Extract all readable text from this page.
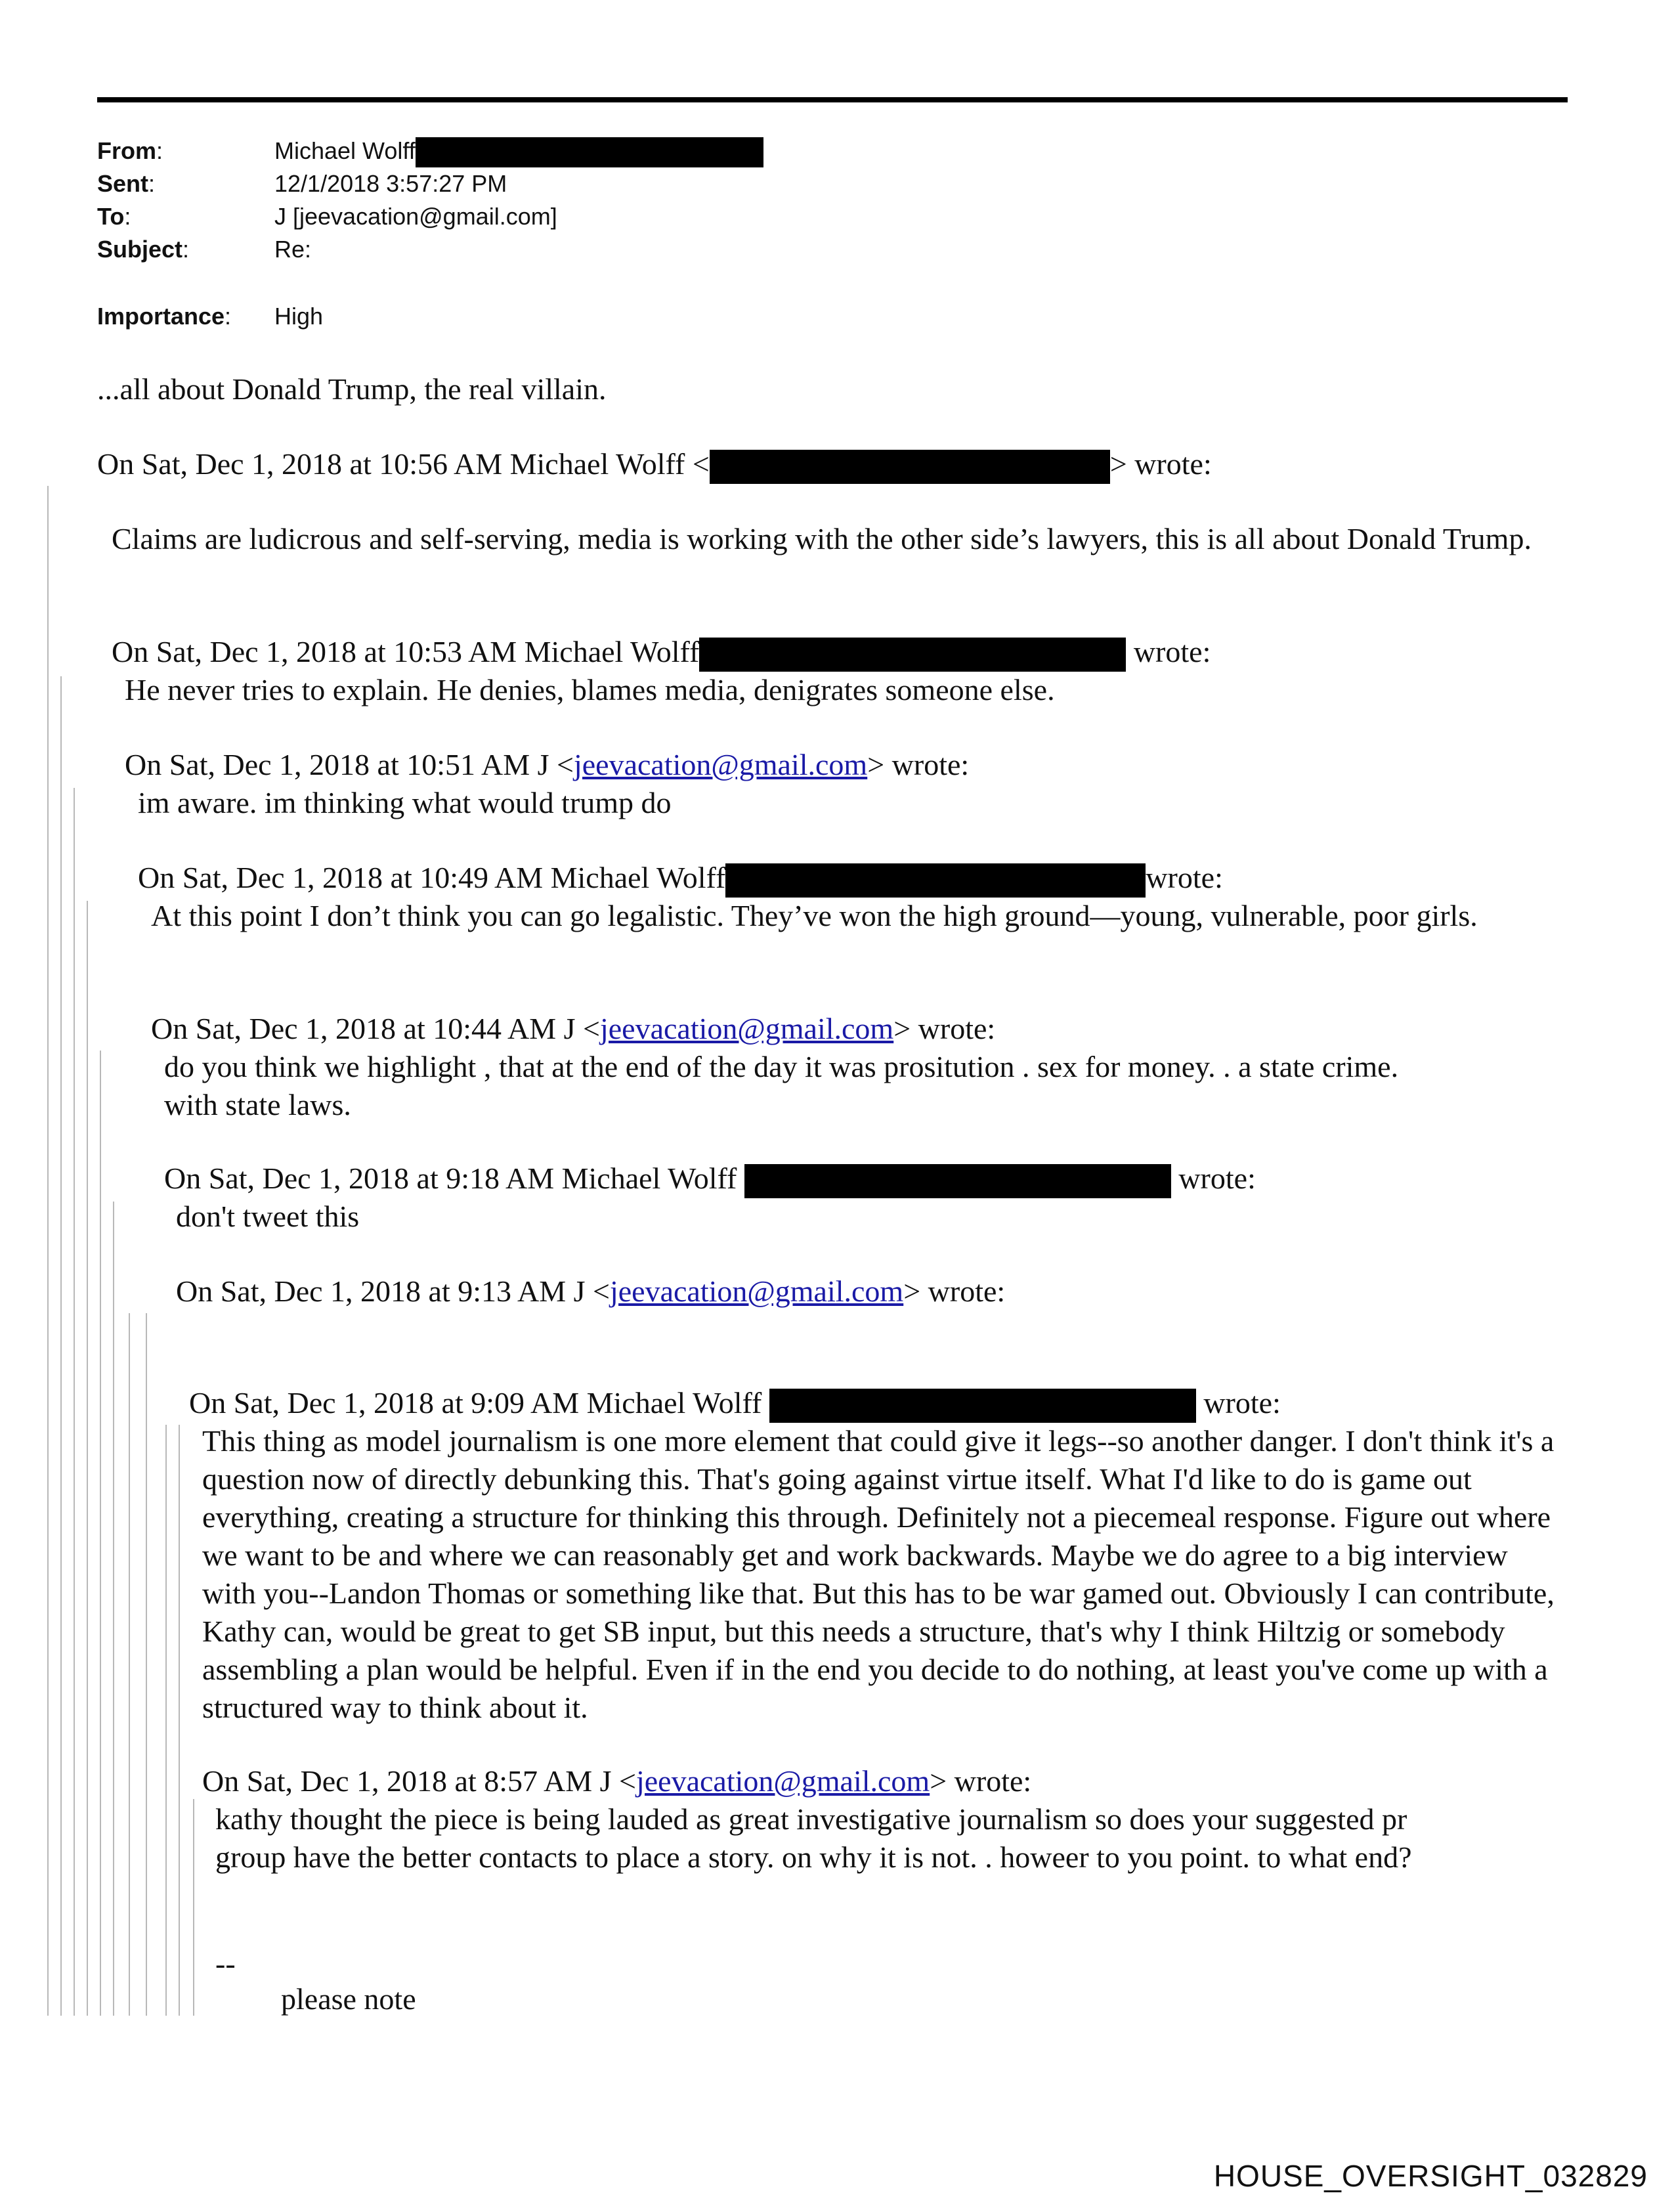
From:	Michael Wolff
Sent:	12/1/2018 3:57:27 PM
To:	J [jeevacation@gmail.com]
Subject:	Re:
Importance: High
...all about Donald Trump, the real villain.
On Sat, Dec 1, 2018 at 10:56 AM Michael Wolff <	> wrote:
Claims are ludicrous and self-serving, media is working with the other side’s lawyers, this is all about Donald Trump.
On Sat, Dec 1, 2018 at 10:53 AM Michael Wolff	wrote:
He never tries to explain. He denies, blames media, denigrates someone else.
On Sat, Dec 1, 2018 at 10:51 AM J <jeevacation@gmail.com> wrote:
im aware. im thinking what would trump do
On Sat, Dec 1, 2018 at 10:49 AM Michael Wolff	wrote:
At this point I don’t think you can go legalistic. They’ve won the high ground—young, vulnerable, poor girls.
On Sat, Dec 1, 2018 at 10:44 AM J <jeevacation@gmail.com> wrote:
do you think we highlight , that at the end of the day it was prositution . sex for money. . a state crime.
with state laws.
On Sat, Dec 1, 2018 at 9:18 AM Michael Wolff	wrote:
don't tweet this
On Sat, Dec 1, 2018 at 9:13 AM J <jeevacation@gmail.com> wrote:
On Sat, Dec 1, 2018 at 9:09 AM Michael Wolff	wrote:
This thing as model journalism is one more element that could give it legs--so another danger. I don't think it's a question now of directly debunking this. That's going against virtue itself. What I'd like to do is game out everything, creating a structure for thinking this through. Definitely not a piecemeal response. Figure out where we want to be and where we can reasonably get and work backwards. Maybe we do agree to a big interview with you--Landon Thomas or something like that. But this has to be war gamed out. Obviously I can contribute, Kathy can, would be great to get SB input, but this needs a structure, that's why I think Hiltzig or somebody assembling a plan would be helpful. Even if in the end you decide to do nothing, at least you've come up with a structured way to think about it.
On Sat, Dec 1, 2018 at 8:57 AM J <jeevacation@gmail.com> wrote:
kathy thought the piece is being lauded as great investigative journalism so does your suggested pr
group have the better contacts to place a story. on why it is not. . howeer to you point. to what end?
--
please note
HOUSE_OVERSIGHT_032829
